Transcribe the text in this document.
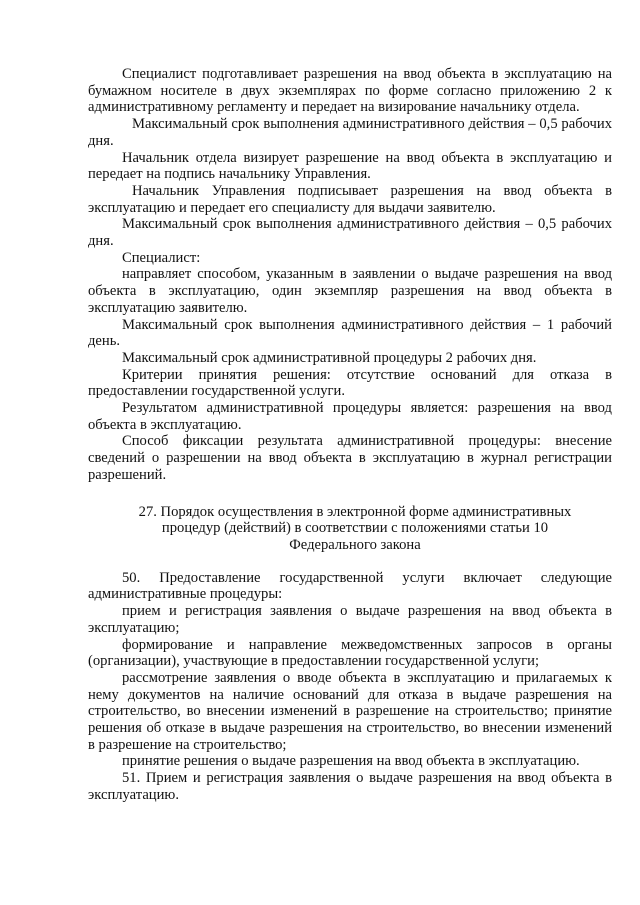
Специалист подготавливает разрешения на ввод объекта в эксплуатацию на бумажном носителе в двух экземплярах по форме согласно приложению 2 к административному регламенту и передает на визирование начальнику отдела.

Максимальный срок выполнения административного действия – 0,5 рабочих дня.

Начальник отдела визирует разрешение на ввод объекта в эксплуатацию и передает на подпись начальнику Управления.

Начальник Управления подписывает разрешения на ввод объекта в эксплуатацию и передает его специалисту для выдачи заявителю.

Максимальный срок выполнения административного действия – 0,5 рабочих дня.

Специалист:

направляет способом, указанным в заявлении о выдаче разрешения на ввод объекта в эксплуатацию, один экземпляр разрешения на ввод объекта в эксплуатацию заявителю.

Максимальный срок выполнения административного действия – 1 рабочий день.

Максимальный срок административной процедуры 2 рабочих дня.

Критерии принятия решения: отсутствие оснований для отказа в предоставлении государственной услуги.

Результатом административной процедуры является: разрешения на ввод объекта в эксплуатацию.

Способ фиксации результата административной процедуры: внесение сведений о разрешении на ввод объекта в эксплуатацию в журнал регистрации разрешений.

27. Порядок осуществления в электронной форме административных
процедур (действий) в соответствии с положениями статьи 10
Федерального закона

50. Предоставление государственной услуги включает следующие административные процедуры:

прием и регистрация заявления о выдаче разрешения на ввод объекта в эксплуатацию;

формирование и направление межведомственных запросов в органы (организации), участвующие в предоставлении государственной услуги;

рассмотрение заявления о вводе объекта в эксплуатацию и прилагаемых к нему документов на наличие оснований для отказа в выдаче разрешения на строительство, во внесении изменений в разрешение на строительство; принятие решения об отказе в выдаче разрешения на строительство, во внесении изменений в разрешение на строительство;

принятие решения о выдаче разрешения на ввод объекта в эксплуатацию.

51. Прием и регистрация заявления о выдаче разрешения на ввод объекта в эксплуатацию.
